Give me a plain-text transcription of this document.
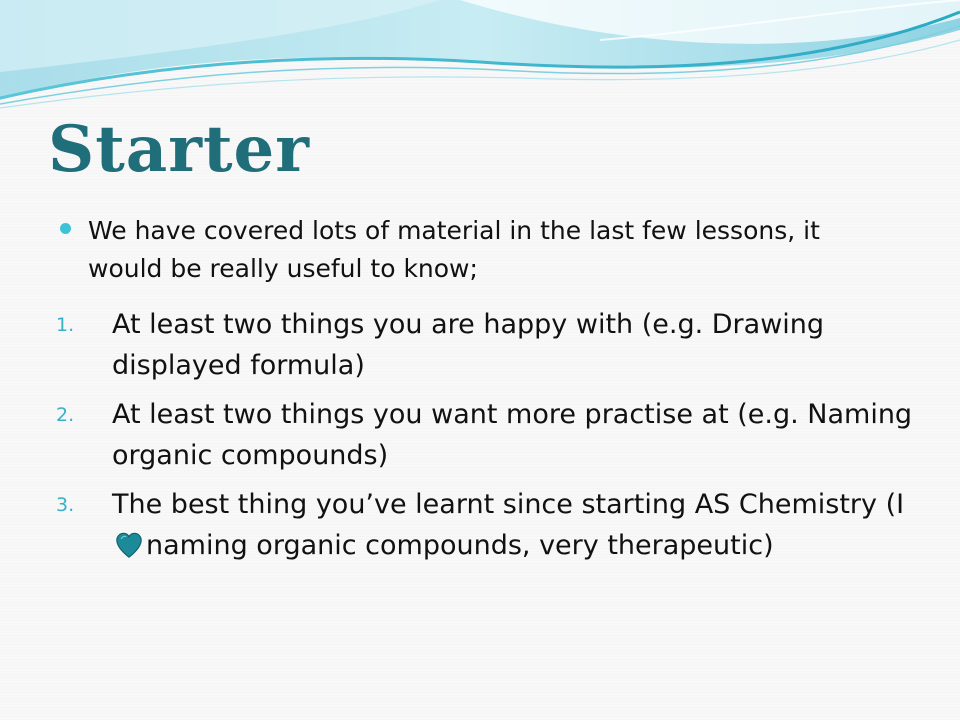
Starter
We have covered lots of material in the last few lessons, it would be really useful to know;
1.	At least two things you are happy with (e.g. Drawing displayed formula)
2.	At least two things you want more practise at (e.g. Naming organic compounds)
3.	The best thing you’ve learnt since starting AS Chemistry (Inaming organic compounds, very therapeutic)
